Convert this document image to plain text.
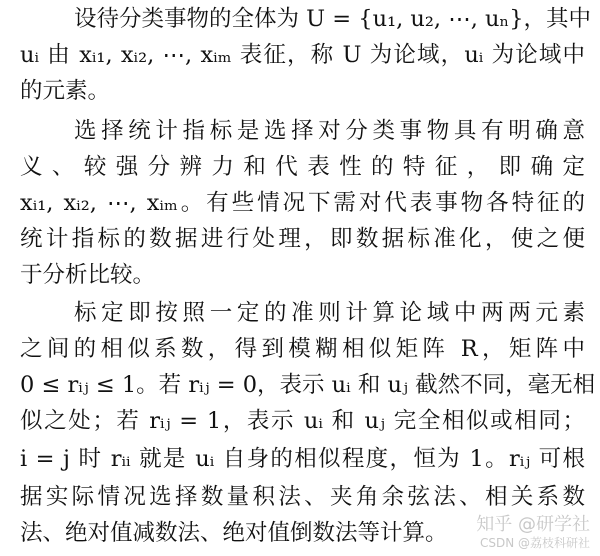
设待分类事物的全体为 U = {u₁, u₂, ⋯, uₙ}，其中
uᵢ 由 xᵢ₁, xᵢ₂, ⋯, xᵢₘ 表征，称 U 为论域，uᵢ 为论域中
的元素。
选择统计指标是选择对分类事物具有明确意
义、较强分辨力和代表性的特征，即确定
xᵢ₁, xᵢ₂, ⋯, xᵢₘ。有些情况下需对代表事物各特征的
统计指标的数据进行处理，即数据标准化，使之便
于分析比较。
标定即按照一定的准则计算论域中两两元素
之间的相似系数，得到模糊相似矩阵 R，矩阵中
0 ≤ rᵢⱼ ≤ 1。若 rᵢⱼ = 0，表示 uᵢ 和 uⱼ 截然不同，毫无相
似之处；若 rᵢⱼ = 1，表示 uᵢ 和 uⱼ 完全相似或相同；
i = j 时 rᵢᵢ 就是 uᵢ 自身的相似程度，恒为 1。rᵢⱼ 可根
据实际情况选择数量积法、夹角余弦法、相关系数
法、绝对值减数法、绝对值倒数法等计算。	知乎 @研学社
CSDN @荔枝科研社
